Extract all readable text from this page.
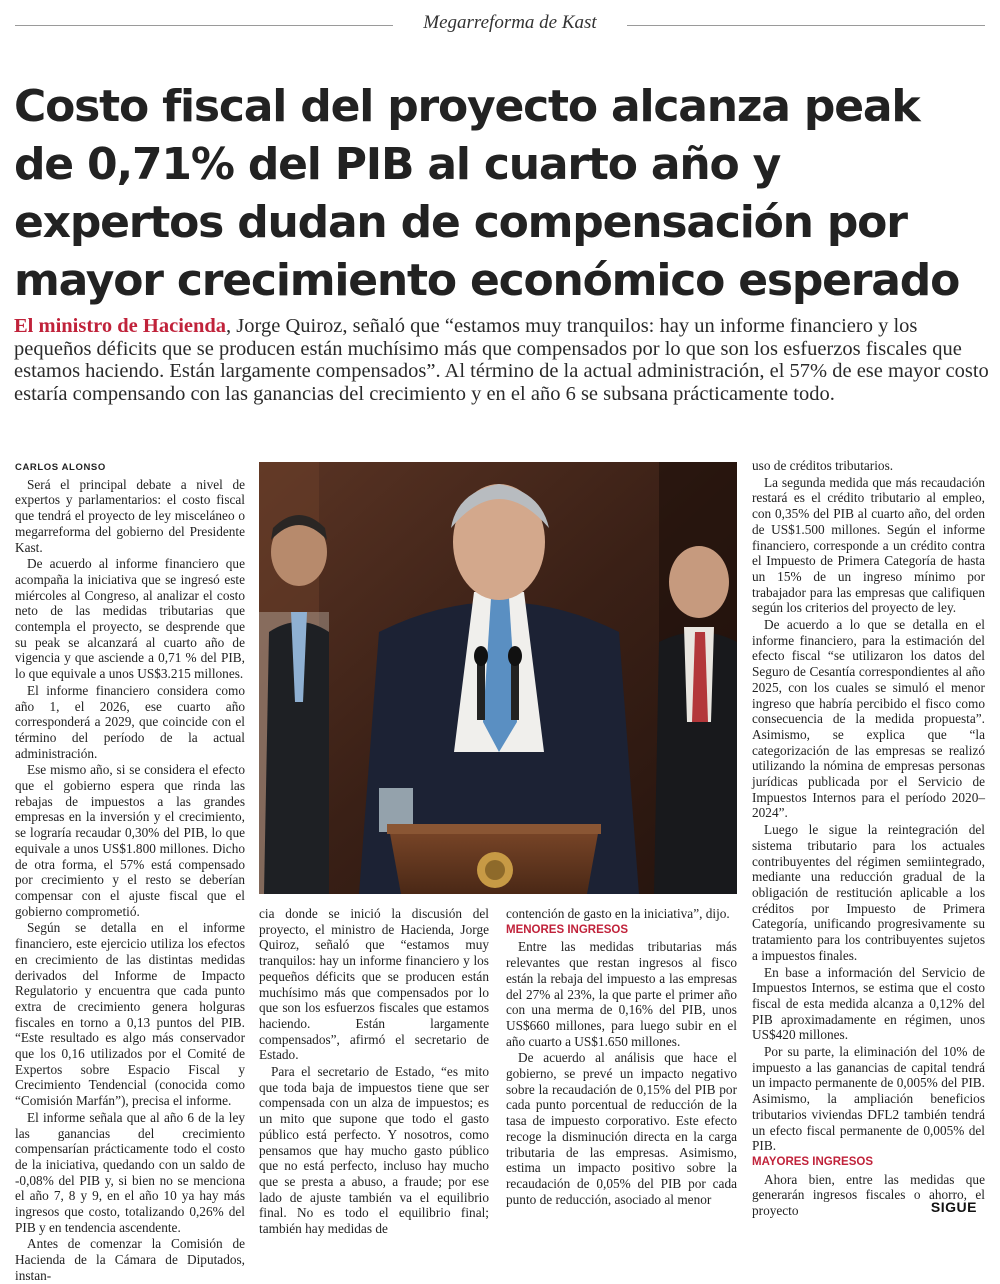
Megarreforma de Kast
Costo fiscal del proyecto alcanza peak de 0,71% del PIB al cuarto año y expertos dudan de compensación por mayor crecimiento económico esperado

El ministro de Hacienda, Jorge Quiroz, señaló que “estamos muy tranquilos: hay un informe financiero y los pequeños déficits que se producen están muchísimo más que compensados por lo que son los esfuerzos fiscales que estamos haciendo. Están largamente compensados”. Al término de la actual administración, el 57% de ese mayor costo estaría compensando con las ganancias del crecimiento y en el año 6 se subsana prácticamente todo.

CARLOS ALONSO

Será el principal debate a nivel de expertos y parlamentarios: el costo fiscal que tendrá el proyecto de ley misceláneo o megarreforma del gobierno del Presidente Kast.

De acuerdo al informe financiero que acompaña la iniciativa que se ingresó este miércoles al Congreso, al analizar el costo neto de las medidas tributarias que contempla el proyecto, se desprende que su peak se alcanzará al cuarto año de vigencia y que asciende a 0,71 % del PIB, lo que equivale a unos US$3.215 millones.

El informe financiero considera como año 1, el 2026, ese cuarto año corresponderá a 2029, que coincide con el término del período de la actual administración.

Ese mismo año, si se considera el efecto que el gobierno espera que rinda las rebajas de impuestos a las grandes empresas en la inversión y el crecimiento, se lograría recaudar 0,30% del PIB, lo que equivale a unos US$1.800 millones. Dicho de otra forma, el 57% está compensado por crecimiento y el resto se deberían compensar con el ajuste fiscal que el gobierno comprometió.

Según se detalla en el informe financiero, este ejercicio utiliza los efectos en crecimiento de las distintas medidas derivados del Informe de Impacto Regulatorio y encuentra que cada punto extra de crecimiento genera holguras fiscales en torno a 0,13 puntos del PIB. “Este resultado es algo más conservador que los 0,16 utilizados por el Comité de Expertos sobre Espacio Fiscal y Crecimiento Tendencial (conocida como “Comisión Marfán”), precisa el informe.

El informe señala que al año 6 de la ley las ganancias del crecimiento compensarían prácticamente todo el costo de la iniciativa, quedando con un saldo de -0,08% del PIB y, si bien no se menciona el año 7, 8 y 9, en el año 10 ya hay más ingresos que costo, totalizando 0,26% del PIB y en tendencia ascendente.

Antes de comenzar la Comisión de Hacienda de la Cámara de Diputados, instan-

cia donde se inició la discusión del proyecto, el ministro de Hacienda, Jorge Quiroz, señaló que “estamos muy tranquilos: hay un informe financiero y los pequeños déficits que se producen están muchísimo más que compensados por lo que son los esfuerzos fiscales que estamos haciendo. Están largamente compensados”, afirmó el secretario de Estado.

Para el secretario de Estado, “es mito que toda baja de impuestos tiene que ser compensada con un alza de impuestos; es un mito que supone que todo el gasto público está perfecto. Y nosotros, como pensamos que hay mucho gasto público que no está perfecto, incluso hay mucho que se presta a abuso, a fraude; por ese lado de ajuste también va el equilibrio final. No es todo el equilibrio final; también hay medidas de

contención de gasto en la iniciativa”, dijo.

MENORES INGRESOS

Entre las medidas tributarias más relevantes que restan ingresos al fisco están la rebaja del impuesto a las empresas del 27% al 23%, la que parte el primer año con una merma de 0,16% del PIB, unos US$660 millones, para luego subir en el año cuarto a US$1.650 millones.

De acuerdo al análisis que hace el gobierno, se prevé un impacto negativo sobre la recaudación de 0,15% del PIB por cada punto porcentual de reducción de la tasa de impuesto corporativo. Este efecto recoge la disminución directa en la carga tributaria de las empresas. Asimismo, estima un impacto positivo sobre la recaudación de 0,05% del PIB por cada punto de reducción, asociado al menor

uso de créditos tributarios.

La segunda medida que más recaudación restará es el crédito tributario al empleo, con 0,35% del PIB al cuarto año, del orden de US$1.500 millones. Según el informe financiero, corresponde a un crédito contra el Impuesto de Primera Categoría de hasta un 15% de un ingreso mínimo por trabajador para las empresas que califiquen según los criterios del proyecto de ley.

De acuerdo a lo que se detalla en el informe financiero, para la estimación del efecto fiscal “se utilizaron los datos del Seguro de Cesantía correspondientes al año 2025, con los cuales se simuló el menor ingreso que habría percibido el fisco como consecuencia de la medida propuesta”. Asimismo, se explica que “la categorización de las empresas se realizó utilizando la nómina de empresas personas jurídicas publicada por el Servicio de Impuestos Internos para el período 2020–2024”.

Luego le sigue la reintegración del sistema tributario para los actuales contribuyentes del régimen semiintegrado, mediante una reducción gradual de la obligación de restitución aplicable a los créditos por Impuesto de Primera Categoría, unificando progresivamente su tratamiento para los contribuyentes sujetos a impuestos finales.

En base a información del Servicio de Impuestos Internos, se estima que el costo fiscal de esta medida alcanza a 0,12% del PIB aproximadamente en régimen, unos US$420 millones.

Por su parte, la eliminación del 10% de impuesto a las ganancias de capital tendrá un impacto permanente de 0,005% del PIB. Asimismo, la ampliación beneficios tributarios viviendas DFL2 también tendrá un efecto fiscal permanente de 0,005% del PIB.

MAYORES INGRESOS

Ahora bien, entre las medidas que generarán ingresos fiscales o ahorro, el proyecto	SIGUE
